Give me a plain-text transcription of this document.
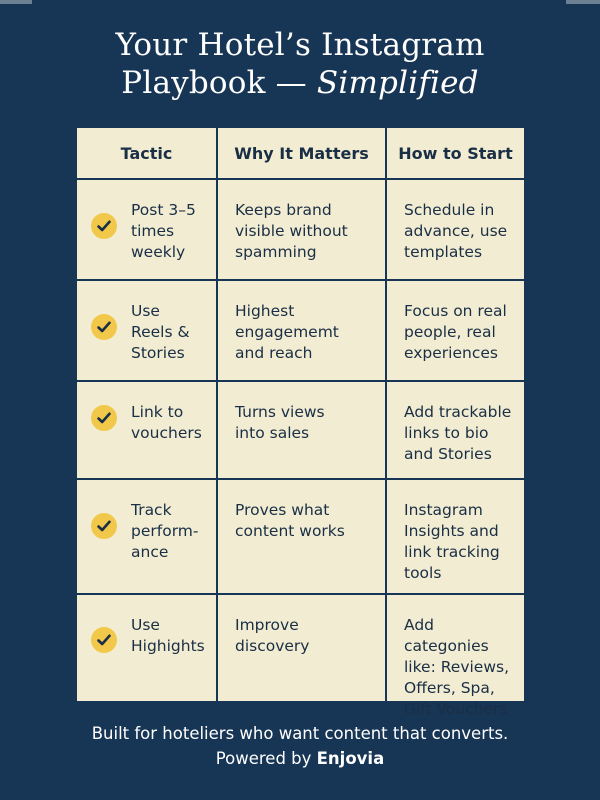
Your Hotel’s Instagram
Playbook — Simplified
Tactic	Why It Matters	How to Start

Post 3–5
times
weekly	Keeps brand
visible without
spamming	Schedule in
advance, use
templates

Use
Reels &
Stories	Highest
engagememt
and reach	Focus on real
people, real
experiences

Link to
vouchers	Turns views
into sales	Add trackable
links to bio
and Stories

Track
perform-
ance	Proves what
content works	Instagram
Insights and
link tracking
tools

Use
Highights	Improve discovery	Add categonies
like: Reviews,
Offers, Spa,
Gift Vouchers
Built for hoteliers who want content that converts.
Powered by Enjovia
